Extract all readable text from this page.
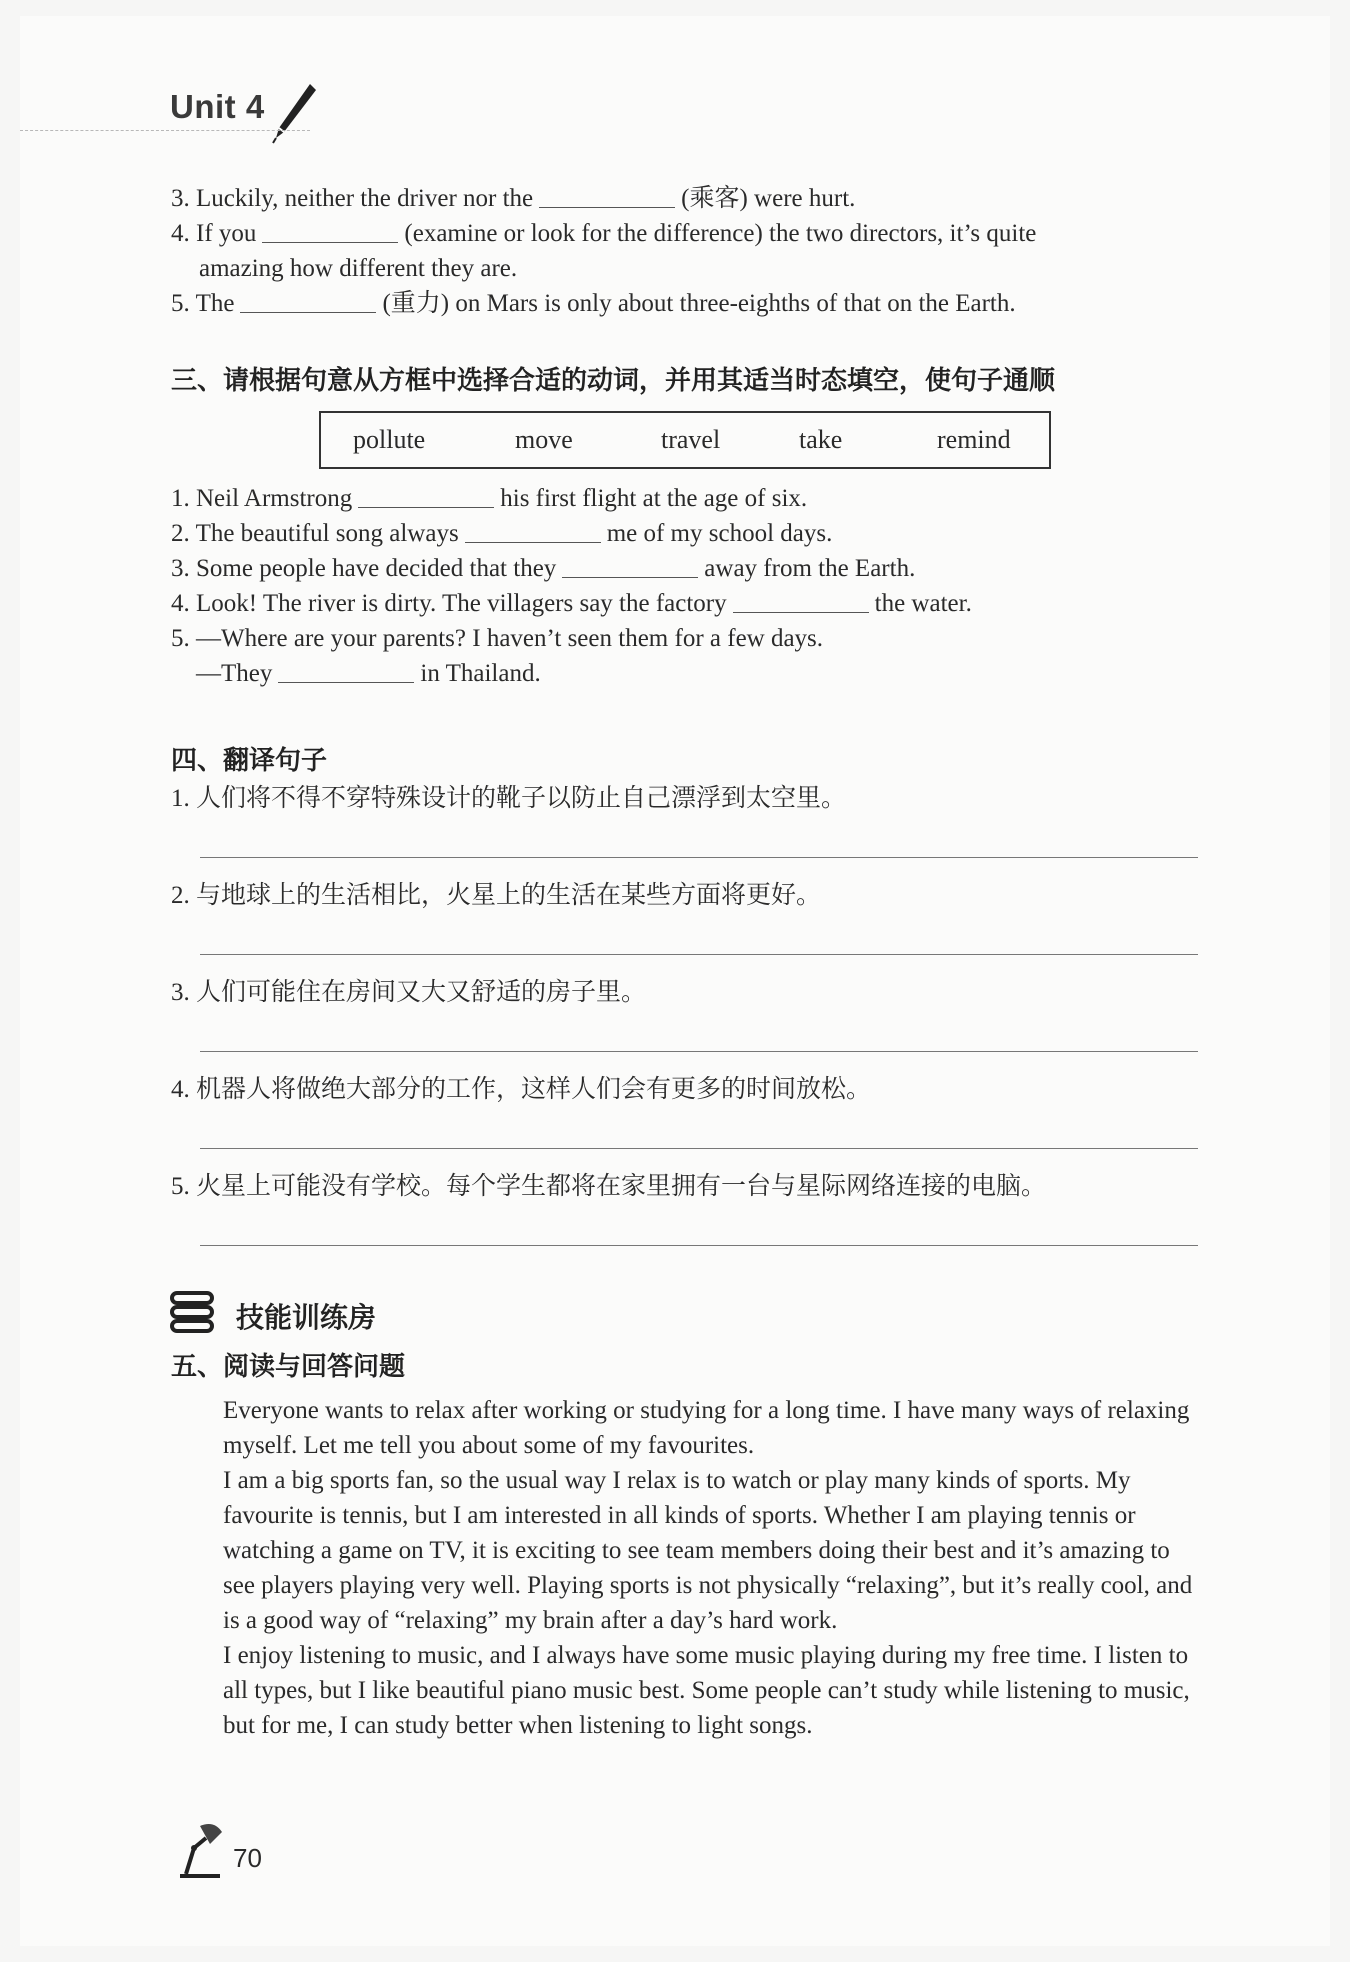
Unit 4
3. Luckily, neither the driver nor the	(乘客) were hurt.
4. If you	(examine or look for the difference) the two directors, it’s quite
amazing how different they are.
5. The	(重力) on Mars is only about three-eighths of that on the Earth.
三、请根据句意从方框中选择合适的动词，并用其适当时态填空，使句子通顺
pollute	move	travel	take	remind
1. Neil Armstrong	his first flight at the age of six.
2. The beautiful song always	me of my school days.
3. Some people have decided that they	away from the Earth.
4. Look! The river is dirty. The villagers say the factory	the water.
5. —Where are your parents? I haven’t seen them for a few days.
—They	in Thailand.
四、翻译句子
1. 人们将不得不穿特殊设计的靴子以防止自己漂浮到太空里。
2. 与地球上的生活相比，火星上的生活在某些方面将更好。
3. 人们可能住在房间又大又舒适的房子里。
4. 机器人将做绝大部分的工作，这样人们会有更多的时间放松。
5. 火星上可能没有学校。每个学生都将在家里拥有一台与星际网络连接的电脑。
技能训练房
五、阅读与回答问题

Everyone wants to relax after working or studying for a long time. I have many ways of relaxing myself. Let me tell you about some of my favourites.

I am a big sports fan, so the usual way I relax is to watch or play many kinds of sports. My favourite is tennis, but I am interested in all kinds of sports. Whether I am playing tennis or watching a game on TV, it is exciting to see team members doing their best and it’s amazing to see players playing very well. Playing sports is not physically “relaxing”, but it’s really cool, and is a good way of “relaxing” my brain after a day’s hard work.

I enjoy listening to music, and I always have some music playing during my free time. I listen to all types, but I like beautiful piano music best. Some people can’t study while listening to music, but for me, I can study better when listening to light songs.

70
